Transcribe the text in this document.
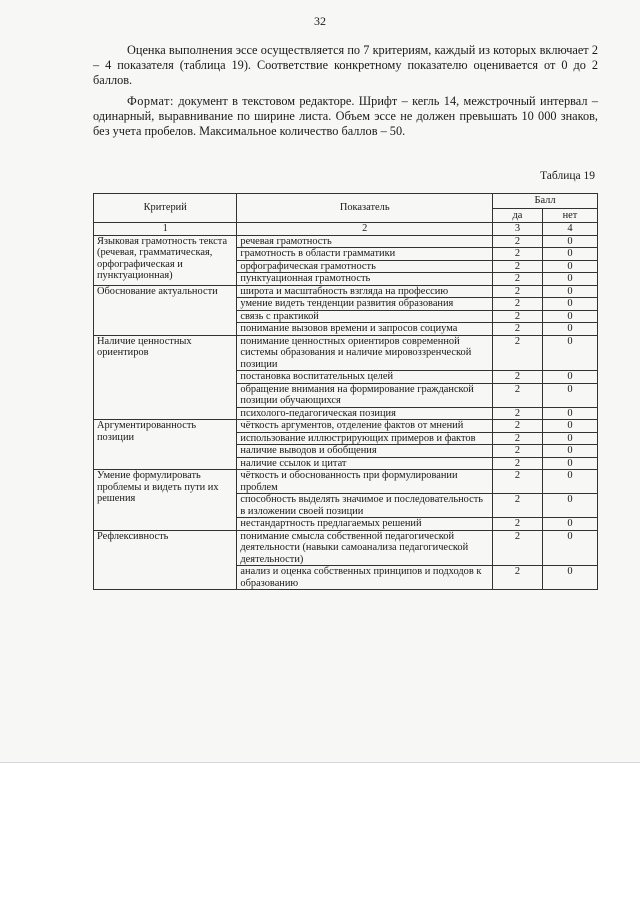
32

Оценка выполнения эссе осуществляется по 7 критериям, каждый из которых включает 2 – 4 показателя (таблица 19). Соответствие конкретному показателю оценивается от 0 до 2 баллов.

Формат: документ в текстовом редакторе. Шрифт – кегль 14, межстрочный интервал – одинарный, выравнивание по ширине листа. Объем эссе не должен превышать 10 000 знаков, без учета пробелов. Максимальное количество баллов – 50.

Таблица 19
Критерий	Показатель	Балл	
		да	нет
1	2	3	4
Языковая грамотность текста (речевая, грамматическая, орфографическая и пунктуационная)	речевая грамотность	2	0
	грамотность в области грамматики	2	0
	орфографическая грамотность	2	0
	пунктуационная грамотность	2	0
Обоснование актуальности	широта и масштабность взгляда на профессию	2	0
	умение видеть тенденции развития образования	2	0
	связь с практикой	2	0
	понимание вызовов времени и запросов социума	2	0
Наличие ценностных ориентиров	понимание ценностных ориентиров современной системы образования и наличие мировоззренческой позиции	2	0
	постановка воспитательных целей	2	0
	обращение внимания на формирование гражданской позиции обучающихся	2	0
	психолого-педагогическая позиция	2	0
Аргументированность позиции	чёткость аргументов, отделение фактов от мнений	2	0
	использование иллюстрирующих примеров и фактов	2	0
	наличие выводов и обобщения	2	0
	наличие ссылок и цитат	2	0
Умение формулировать проблемы и видеть пути их решения	чёткость и обоснованность при формулировании проблем	2	0
	способность выделять значимое и последовательность в изложении своей позиции	2	0
	нестандартность предлагаемых решений	2	0
Рефлексивность	понимание смысла собственной педагогической деятельности (навыки самоанализа педагогической деятельности)	2	0
	анализ и оценка собственных принципов и подходов к образованию	2	0
